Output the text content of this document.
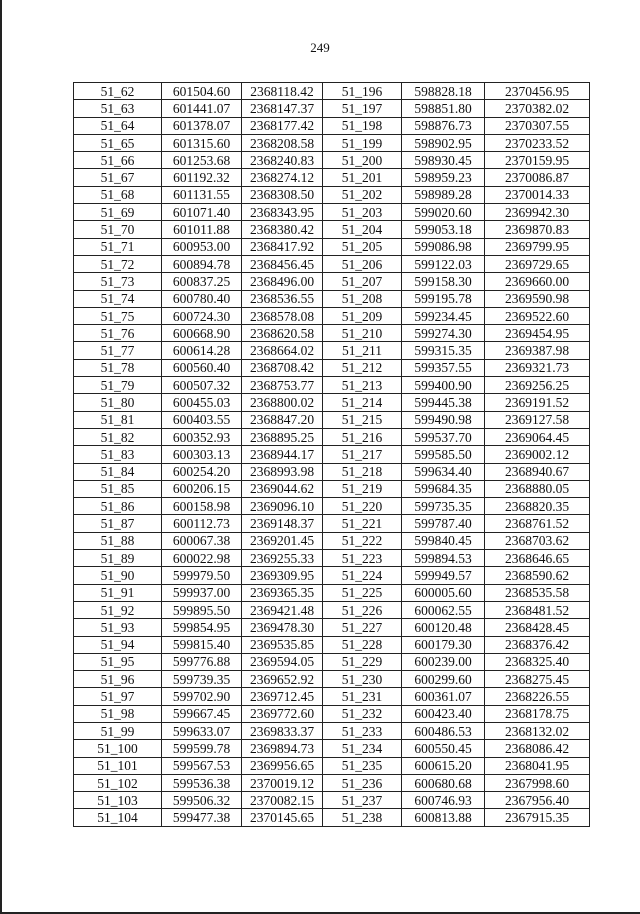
249
51_62	601504.60	2368118.42	51_196	598828.18	2370456.95
51_63	601441.07	2368147.37	51_197	598851.80	2370382.02
51_64	601378.07	2368177.42	51_198	598876.73	2370307.55
51_65	601315.60	2368208.58	51_199	598902.95	2370233.52
51_66	601253.68	2368240.83	51_200	598930.45	2370159.95
51_67	601192.32	2368274.12	51_201	598959.23	2370086.87
51_68	601131.55	2368308.50	51_202	598989.28	2370014.33
51_69	601071.40	2368343.95	51_203	599020.60	2369942.30
51_70	601011.88	2368380.42	51_204	599053.18	2369870.83
51_71	600953.00	2368417.92	51_205	599086.98	2369799.95
51_72	600894.78	2368456.45	51_206	599122.03	2369729.65
51_73	600837.25	2368496.00	51_207	599158.30	2369660.00
51_74	600780.40	2368536.55	51_208	599195.78	2369590.98
51_75	600724.30	2368578.08	51_209	599234.45	2369522.60
51_76	600668.90	2368620.58	51_210	599274.30	2369454.95
51_77	600614.28	2368664.02	51_211	599315.35	2369387.98
51_78	600560.40	2368708.42	51_212	599357.55	2369321.73
51_79	600507.32	2368753.77	51_213	599400.90	2369256.25
51_80	600455.03	2368800.02	51_214	599445.38	2369191.52
51_81	600403.55	2368847.20	51_215	599490.98	2369127.58
51_82	600352.93	2368895.25	51_216	599537.70	2369064.45
51_83	600303.13	2368944.17	51_217	599585.50	2369002.12
51_84	600254.20	2368993.98	51_218	599634.40	2368940.67
51_85	600206.15	2369044.62	51_219	599684.35	2368880.05
51_86	600158.98	2369096.10	51_220	599735.35	2368820.35
51_87	600112.73	2369148.37	51_221	599787.40	2368761.52
51_88	600067.38	2369201.45	51_222	599840.45	2368703.62
51_89	600022.98	2369255.33	51_223	599894.53	2368646.65
51_90	599979.50	2369309.95	51_224	599949.57	2368590.62
51_91	599937.00	2369365.35	51_225	600005.60	2368535.58
51_92	599895.50	2369421.48	51_226	600062.55	2368481.52
51_93	599854.95	2369478.30	51_227	600120.48	2368428.45
51_94	599815.40	2369535.85	51_228	600179.30	2368376.42
51_95	599776.88	2369594.05	51_229	600239.00	2368325.40
51_96	599739.35	2369652.92	51_230	600299.60	2368275.45
51_97	599702.90	2369712.45	51_231	600361.07	2368226.55
51_98	599667.45	2369772.60	51_232	600423.40	2368178.75
51_99	599633.07	2369833.37	51_233	600486.53	2368132.02
51_100	599599.78	2369894.73	51_234	600550.45	2368086.42
51_101	599567.53	2369956.65	51_235	600615.20	2368041.95
51_102	599536.38	2370019.12	51_236	600680.68	2367998.60
51_103	599506.32	2370082.15	51_237	600746.93	2367956.40
51_104	599477.38	2370145.65	51_238	600813.88	2367915.35
